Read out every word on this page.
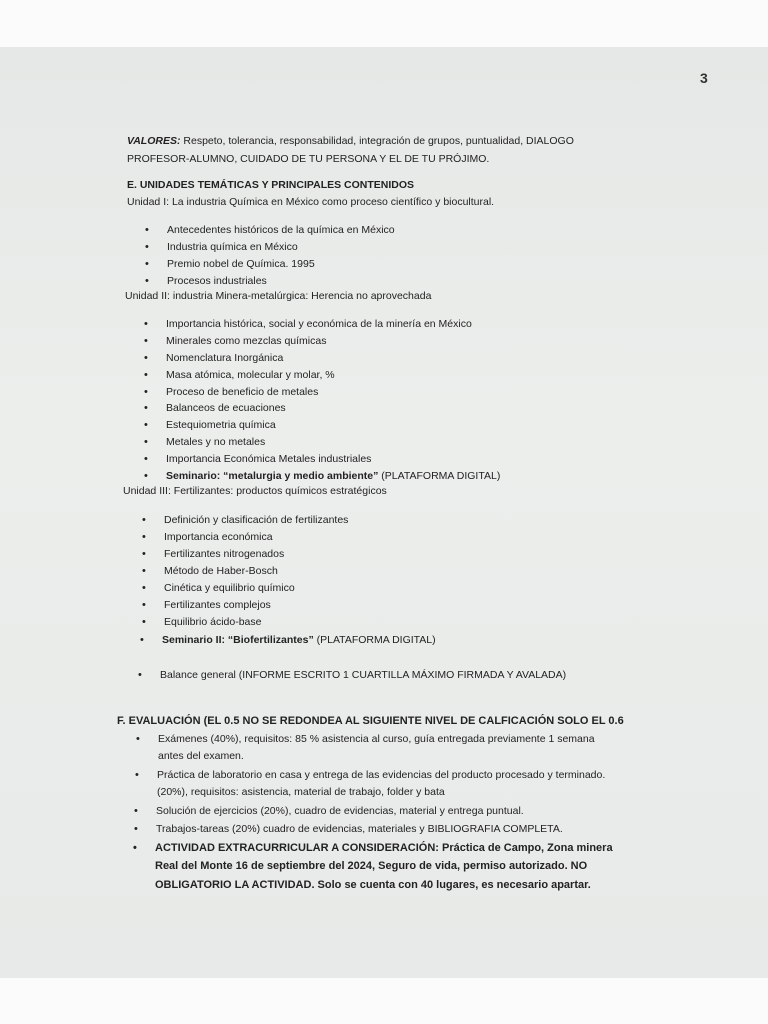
3
VALORES: Respeto, tolerancia, responsabilidad, integración de grupos, puntualidad, DIALOGO
PROFESOR-ALUMNO, CUIDADO DE TU PERSONA Y EL DE TU PRÓJIMO.
E. UNIDADES TEMÁTICAS Y PRINCIPALES CONTENIDOS
Unidad I: La industria Química en México como proceso científico y biocultural.
• Antecedentes históricos de la química en México
• Industria química en México
• Premio nobel de Química. 1995
• Procesos industriales
Unidad II: industria Minera-metalúrgica: Herencia no aprovechada
• Importancia histórica, social y económica de la minería en México
• Minerales como mezclas químicas
• Nomenclatura Inorgánica
• Masa atómica, molecular y molar, %
• Proceso de beneficio de metales
• Balanceos de ecuaciones
• Estequiometria química
• Metales y no metales
• Importancia Económica Metales industriales
• Seminario: “metalurgia y medio ambiente” (PLATAFORMA DIGITAL)
Unidad III: Fertilizantes: productos químicos estratégicos
• Definición y clasificación de fertilizantes
• Importancia económica
• Fertilizantes nitrogenados
• Método de Haber-Bosch
• Cinética y equilibrio químico
• Fertilizantes complejos
• Equilibrio ácido-base
• Seminario II: “Biofertilizantes” (PLATAFORMA DIGITAL)
• Balance general (INFORME ESCRITO 1 CUARTILLA MÁXIMO FIRMADA Y AVALADA)
F. EVALUACIÓN (EL 0.5 NO SE REDONDEA AL SIGUIENTE NIVEL DE CALFICACIÓN SOLO EL 0.6
• Exámenes (40%), requisitos: 85 % asistencia al curso, guía entregada previamente 1 semana
antes del examen.
• Práctica de laboratorio en casa y entrega de las evidencias del producto procesado y terminado.
(20%), requisitos: asistencia, material de trabajo, folder y bata
• Solución de ejercicios (20%), cuadro de evidencias, material y entrega puntual.
• Trabajos-tareas (20%) cuadro de evidencias, materiales y BIBLIOGRAFIA COMPLETA.
• ACTIVIDAD EXTRACURRICULAR A CONSIDERACIÓN: Práctica de Campo, Zona minera
Real del Monte 16 de septiembre del 2024, Seguro de vida, permiso autorizado. NO
OBLIGATORIO LA ACTIVIDAD. Solo se cuenta con 40 lugares, es necesario apartar.
